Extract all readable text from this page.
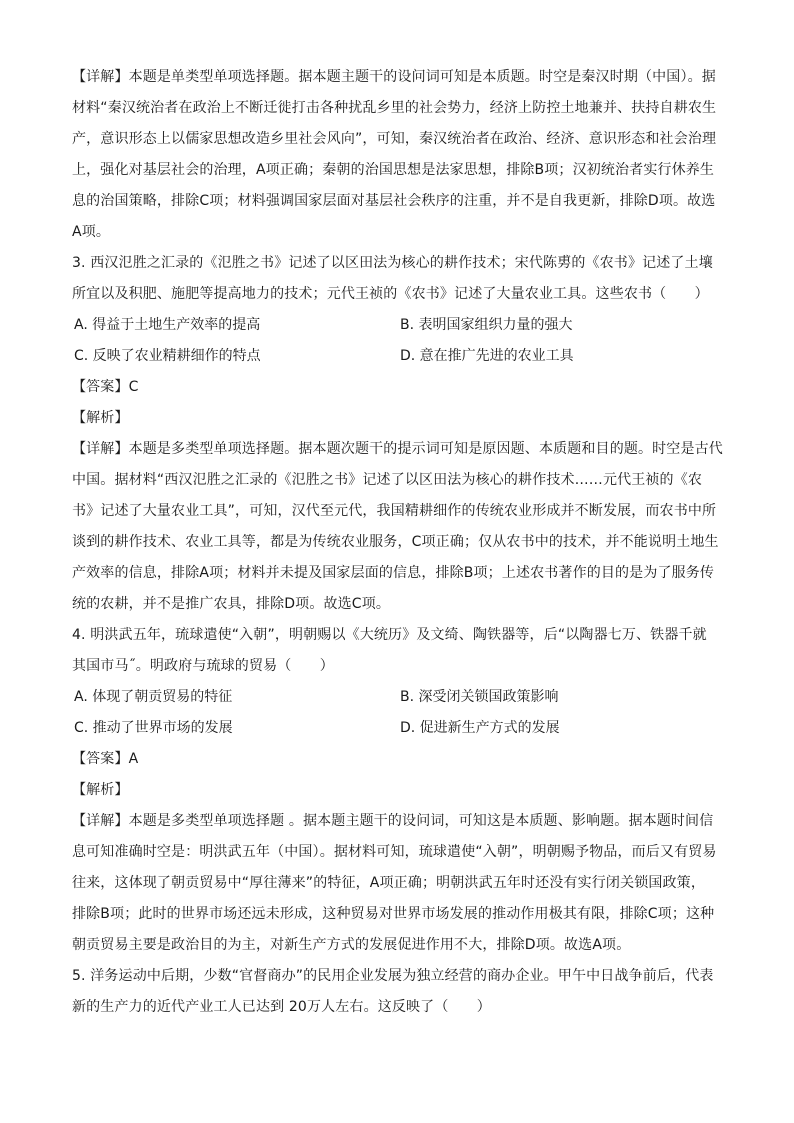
【详解】本题是单类型单项选择题。据本题主题干的设问词可知是本质题。时空是秦汉时期（中国）。据
材料“秦汉统治者在政治上不断迁徙打击各种扰乱乡里的社会势力，经济上防控土地兼并、扶持自耕农生
产，意识形态上以儒家思想改造乡里社会风向”，可知，秦汉统治者在政治、经济、意识形态和社会治理
上，强化对基层社会的治理，A项正确；秦朝的治国思想是法家思想，排除B项；汉初统治者实行休养生
息的治国策略，排除C项；材料强调国家层面对基层社会秩序的注重，并不是自我更新，排除D项。故选
A项。
3. 西汉氾胜之汇录的《氾胜之书》记述了以区田法为核心的耕作技术；宋代陈旉的《农书》记述了土壤
所宜以及积肥、施肥等提高地力的技术；元代王祯的《农书》记述了大量农业工具。这些农书（　　）
A. 得益于土地生产效率的提高	B. 表明国家组织力量的强大
C. 反映了农业精耕细作的特点	D. 意在推广先进的农业工具
【答案】C
【解析】
【详解】本题是多类型单项选择题。据本题次题干的提示词可知是原因题、本质题和目的题。时空是古代
中国。据材料“西汉氾胜之汇录的《氾胜之书》记述了以区田法为核心的耕作技术……元代王祯的《农
书》记述了大量农业工具”，可知，汉代至元代，我国精耕细作的传统农业形成并不断发展，而农书中所
谈到的耕作技术、农业工具等，都是为传统农业服务，C项正确；仅从农书中的技术，并不能说明土地生
产效率的信息，排除A项；材料并未提及国家层面的信息，排除B项；上述农书著作的目的是为了服务传
统的农耕，并不是推广农具，排除D项。故选C项。
4. 明洪武五年，琉球遣使“入朝”，明朝赐以《大统历》及文绮、陶铁器等，后“以陶器七万、铁器千就
其国市马˝。明政府与琉球的贸易（　　）
A. 体现了朝贡贸易的特征	B. 深受闭关锁国政策影响
C. 推动了世界市场的发展	D. 促进新生产方式的发展
【答案】A
【解析】
【详解】本题是多类型单项选择题 。据本题主题干的设问词，可知这是本质题、影响题。据本题时间信
息可知准确时空是：明洪武五年（中国）。据材料可知，琉球遣使“入朝”，明朝赐予物品，而后又有贸易
往来，这体现了朝贡贸易中“厚往薄来”的特征，A项正确；明朝洪武五年时还没有实行闭关锁国政策，
排除B项；此时的世界市场还远未形成，这种贸易对世界市场发展的推动作用极其有限，排除C项；这种
朝贡贸易主要是政治目的为主，对新生产方式的发展促进作用不大，排除D项。故选A项。
5. 洋务运动中后期，少数“官督商办”的民用企业发展为独立经营的商办企业。甲午中日战争前后，代表
新的生产力的近代产业工人已达到 20万人左右。这反映了（　　）
